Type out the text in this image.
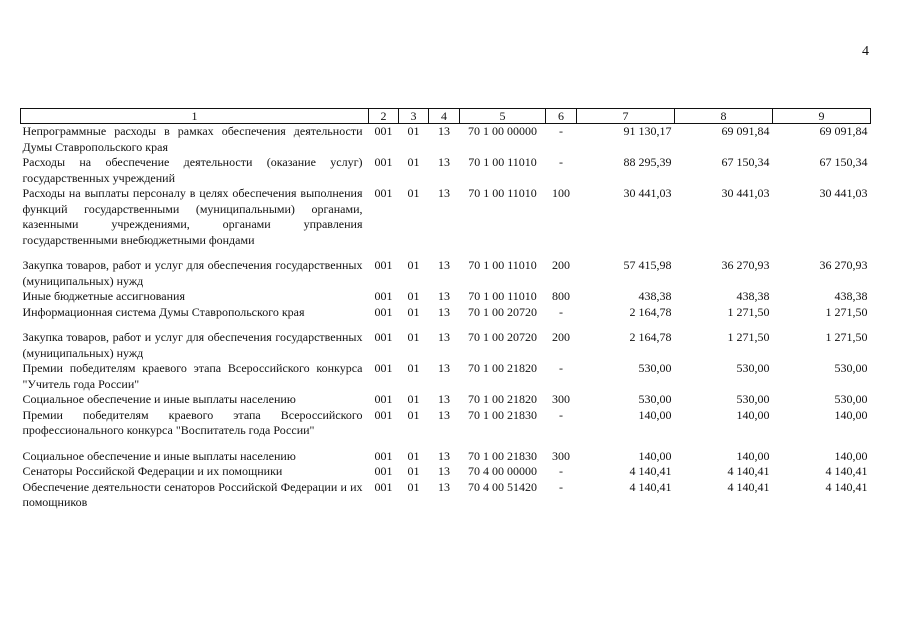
4
1	2	3	4	5	6	7	8	9
Непрограммные расходы в рамках обеспечения деятельности Думы Ставропольского края	001	01	13	70 1 00 00000	-	91 130,17	69 091,84	69 091,84
Расходы на обеспечение деятельности (оказание услуг) государственных учреждений	001	01	13	70 1 00 11010	-	88 295,39	67 150,34	67 150,34
Расходы на выплаты персоналу в целях обеспечения выполнения функций государственными (муниципальными) органами, казенными учреждениями, органами управления государственными внебюджетными фондами	001	01	13	70 1 00 11010	100	30 441,03	30 441,03	30 441,03
Закупка товаров, работ и услуг для обеспечения государственных (муниципальных) нужд	001	01	13	70 1 00 11010	200	57 415,98	36 270,93	36 270,93
Иные бюджетные ассигнования	001	01	13	70 1 00 11010	800	438,38	438,38	438,38
Информационная система Думы Ставропольского края	001	01	13	70 1 00 20720	-	2 164,78	1 271,50	1 271,50
Закупка товаров, работ и услуг для обеспечения государственных (муниципальных) нужд	001	01	13	70 1 00 20720	200	2 164,78	1 271,50	1 271,50
Премии победителям краевого этапа Всероссийского конкурса "Учитель года России"	001	01	13	70 1 00 21820	-	530,00	530,00	530,00
Социальное обеспечение и иные выплаты населению	001	01	13	70 1 00 21820	300	530,00	530,00	530,00
Премии победителям краевого этапа Всероссийского профессионального конкурса "Воспитатель года России"	001	01	13	70 1 00 21830	-	140,00	140,00	140,00
Социальное обеспечение и иные выплаты населению	001	01	13	70 1 00 21830	300	140,00	140,00	140,00
Сенаторы Российской Федерации и их помощники	001	01	13	70 4 00 00000	-	4 140,41	4 140,41	4 140,41
Обеспечение деятельности сенаторов Российской Федерации и их помощников	001	01	13	70 4 00 51420	-	4 140,41	4 140,41	4 140,41
